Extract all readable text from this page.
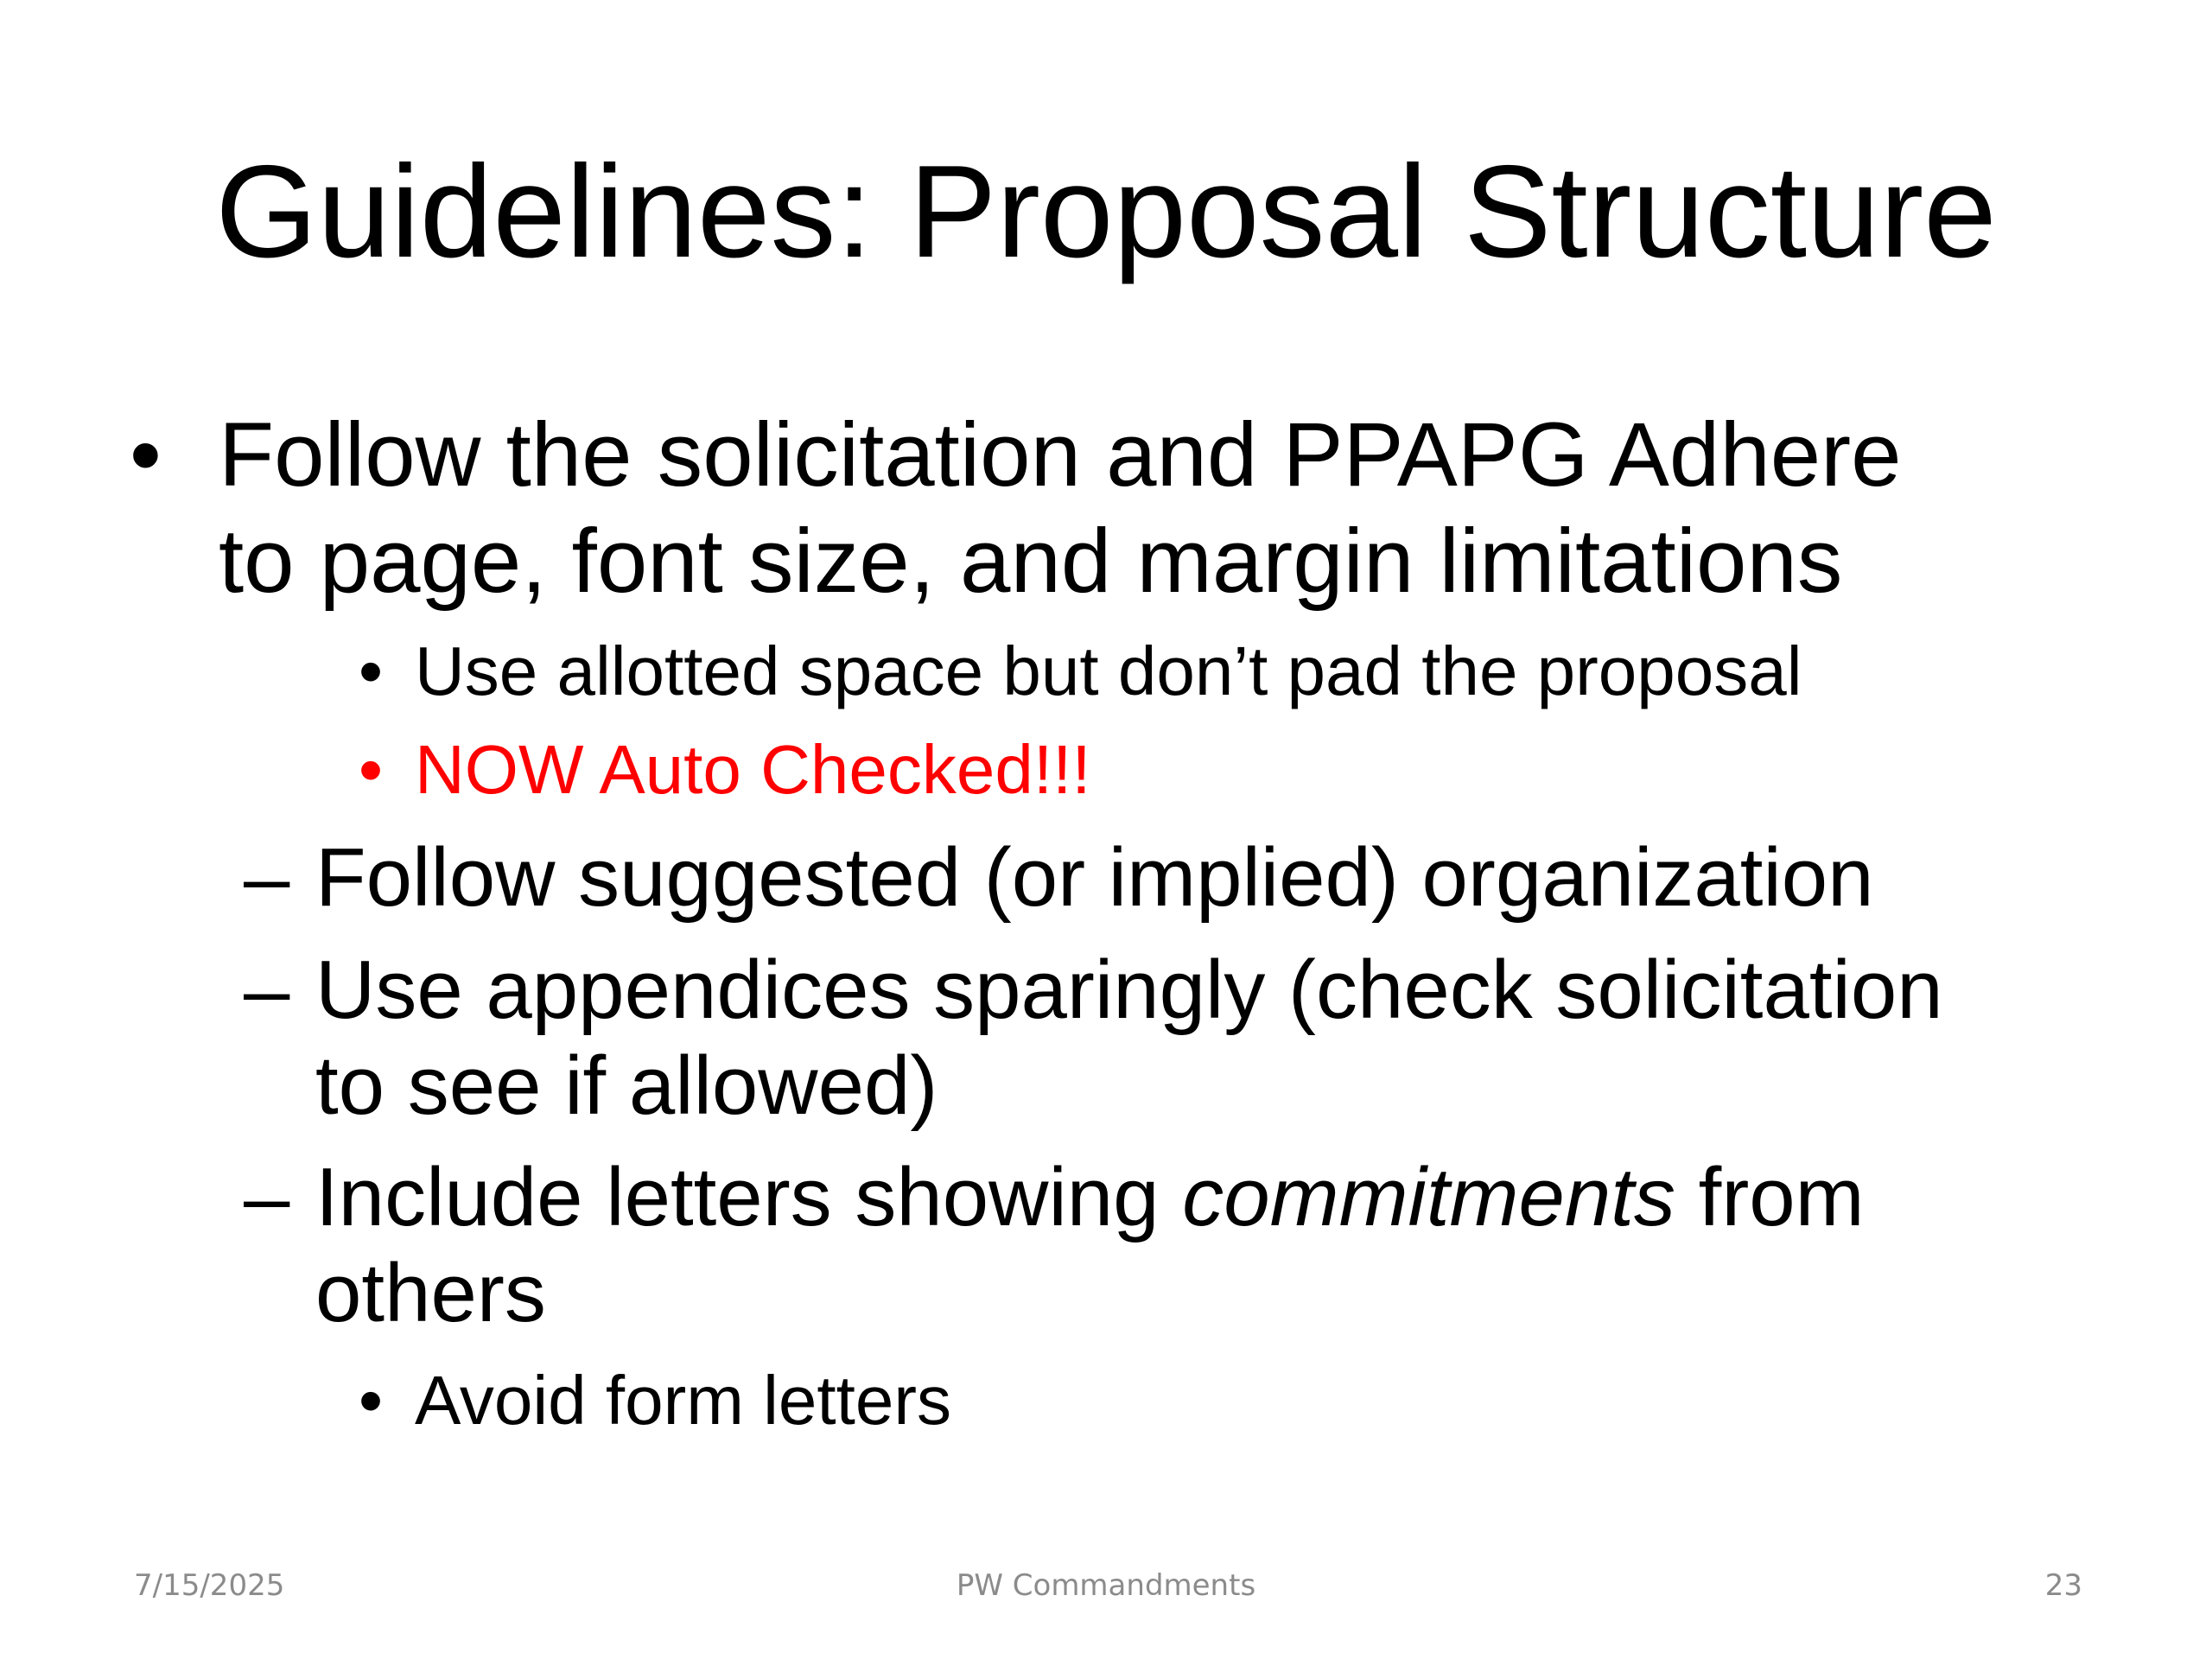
Guidelines: Proposal Structure
• Follow the solicitation and PPAPG Adhere
to page, font size, and margin limitations
• Use allotted space but don’t pad the proposal
• NOW Auto Checked!!!
– Follow suggested (or implied) organization
– Use appendices sparingly (check solicitation
to see if allowed)
– Include letters showing commitments from
others
• Avoid form letters
7/15/2025	PW Commandments	23
